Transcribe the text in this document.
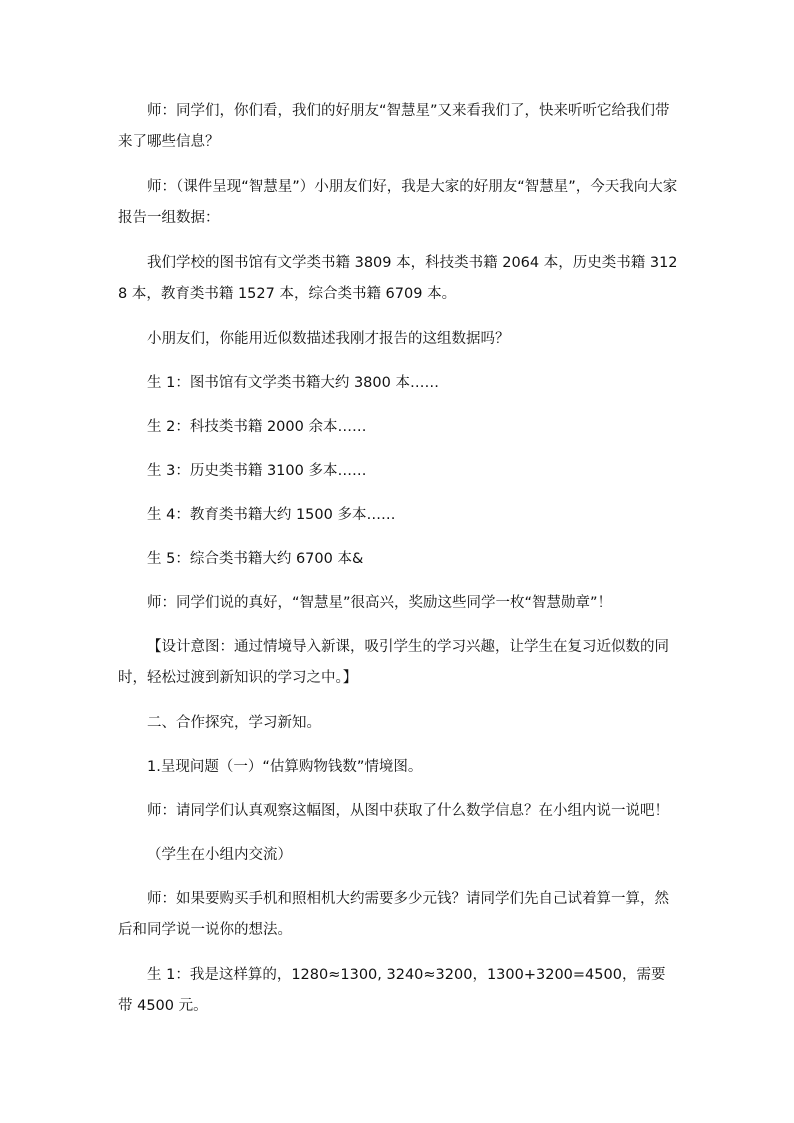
师：同学们，你们看，我们的好朋友“智慧星”又来看我们了，快来听听它给我们带来了哪些信息？

师：（课件呈现“智慧星”）小朋友们好，我是大家的好朋友“智慧星”，今天我向大家报告一组数据：

我们学校的图书馆有文学类书籍 3809 本，科技类书籍 2064 本，历史类书籍 3128 本，教育类书籍 1527 本，综合类书籍 6709 本。

小朋友们，你能用近似数描述我刚才报告的这组数据吗？

生 1：图书馆有文学类书籍大约 3800 本……

生 2：科技类书籍 2000 余本……

生 3：历史类书籍 3100 多本……

生 4：教育类书籍大约 1500 多本……

生 5：综合类书籍大约 6700 本&

师：同学们说的真好，“智慧星”很高兴，奖励这些同学一枚“智慧勋章”！

【设计意图：通过情境导入新课，吸引学生的学习兴趣，让学生在复习近似数的同时，轻松过渡到新知识的学习之中。】

二、合作探究，学习新知。

1.呈现问题（一）“估算购物钱数”情境图。

师：请同学们认真观察这幅图，从图中获取了什么数学信息？在小组内说一说吧！

（学生在小组内交流）

师：如果要购买手机和照相机大约需要多少元钱？请同学们先自己试着算一算，然后和同学说一说你的想法。

生 1：我是这样算的，1280≈1300, 3240≈3200，1300+3200=4500，需要带 4500 元。
